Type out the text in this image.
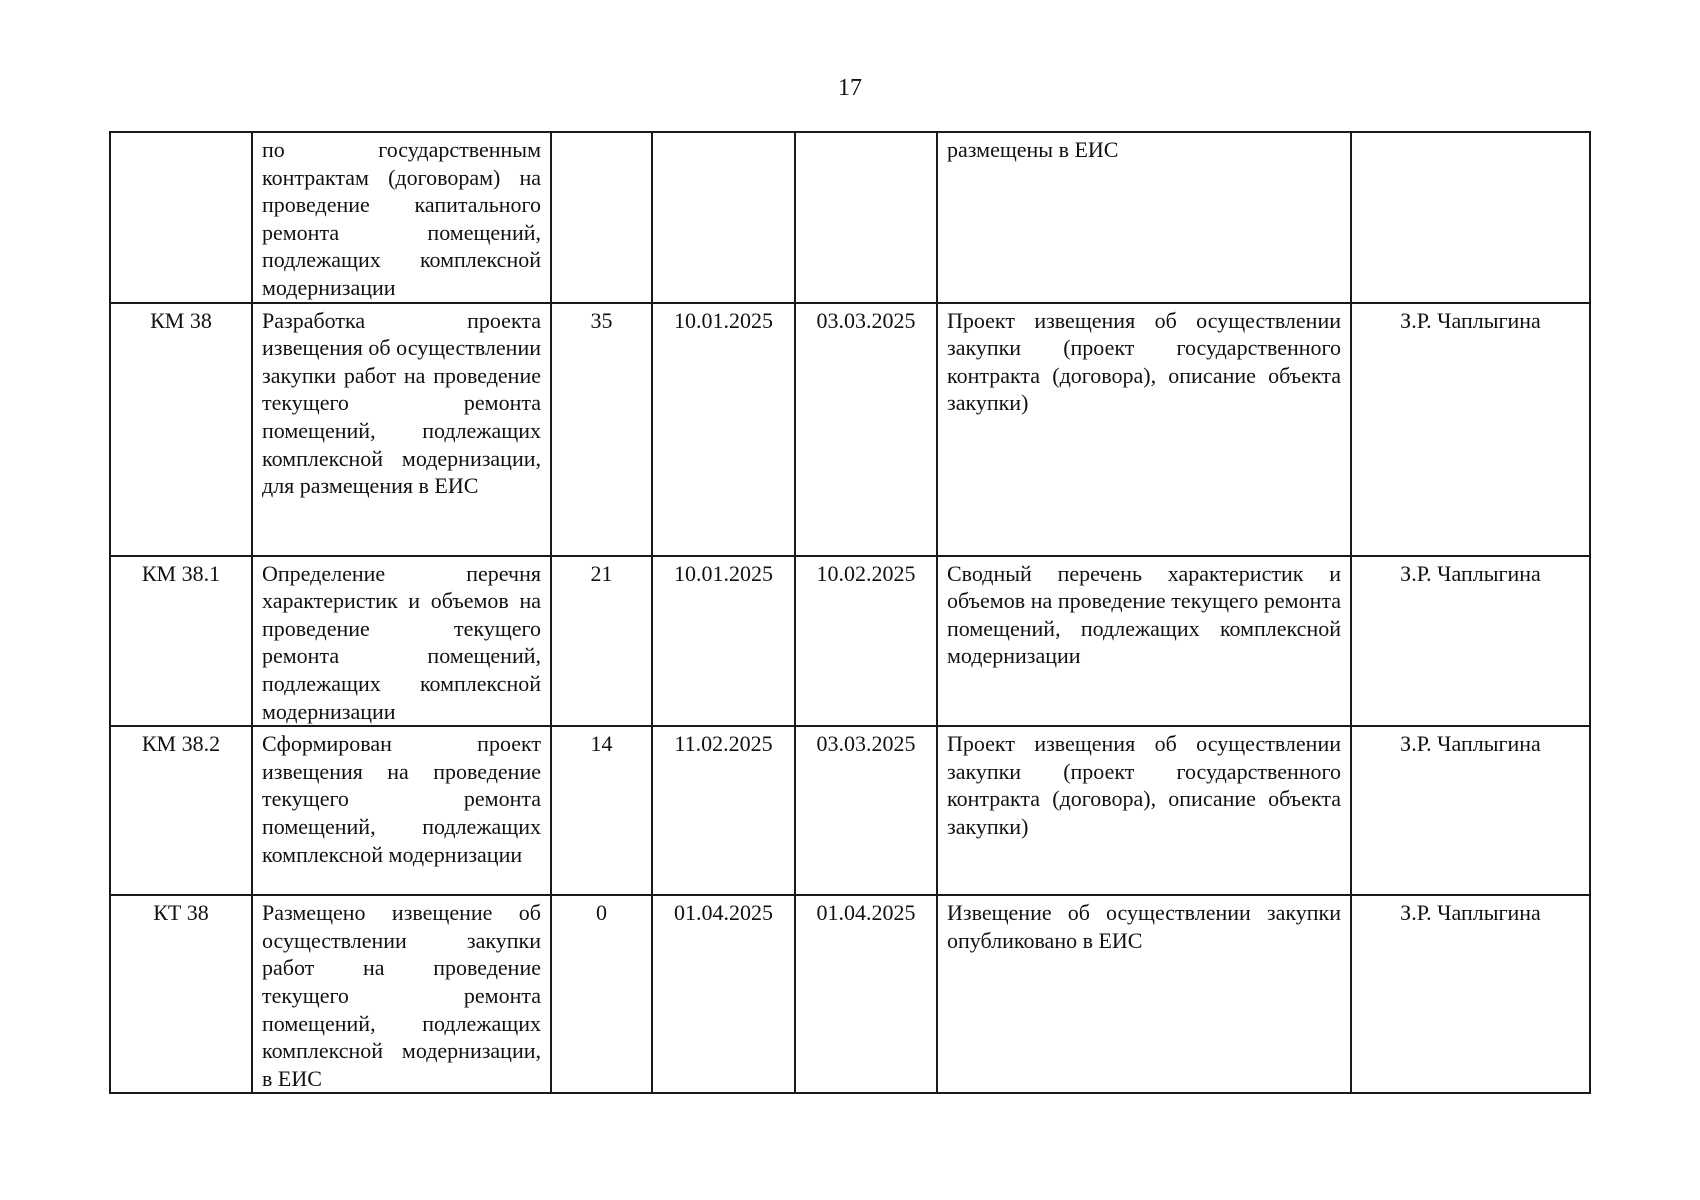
17
	по государственным контрактам (договорам) на проведение капитального ремонта помещений, подлежащих комплексной модернизации				размещены в ЕИС	
КМ 38	Разработка проекта извещения об осуществлении закупки работ на проведение текущего ремонта помещений, подлежащих комплексной модернизации, для размещения в ЕИС	35	10.01.2025	03.03.2025	Проект извещения об осуществлении закупки (проект государственного контракта (договора), описание объекта закупки)	З.Р. Чаплыгина
КМ 38.1	Определение перечня характеристик и объемов на проведение текущего ремонта помещений, подлежащих комплексной модернизации	21	10.01.2025	10.02.2025	Сводный перечень характеристик и объемов на проведение текущего ремонта помещений, подлежащих комплексной модернизации	З.Р. Чаплыгина
КМ 38.2	Сформирован проект извещения на проведение текущего ремонта помещений, подлежащих комплексной модернизации	14	11.02.2025	03.03.2025	Проект извещения об осуществлении закупки (проект государственного контракта (договора), описание объекта закупки)	З.Р. Чаплыгина
КТ 38	Размещено извещение об осуществлении закупки работ на проведение текущего ремонта помещений, подлежащих комплексной модернизации, в ЕИС	0	01.04.2025	01.04.2025	Извещение об осуществлении закупки опубликовано в ЕИС	З.Р. Чаплыгина
